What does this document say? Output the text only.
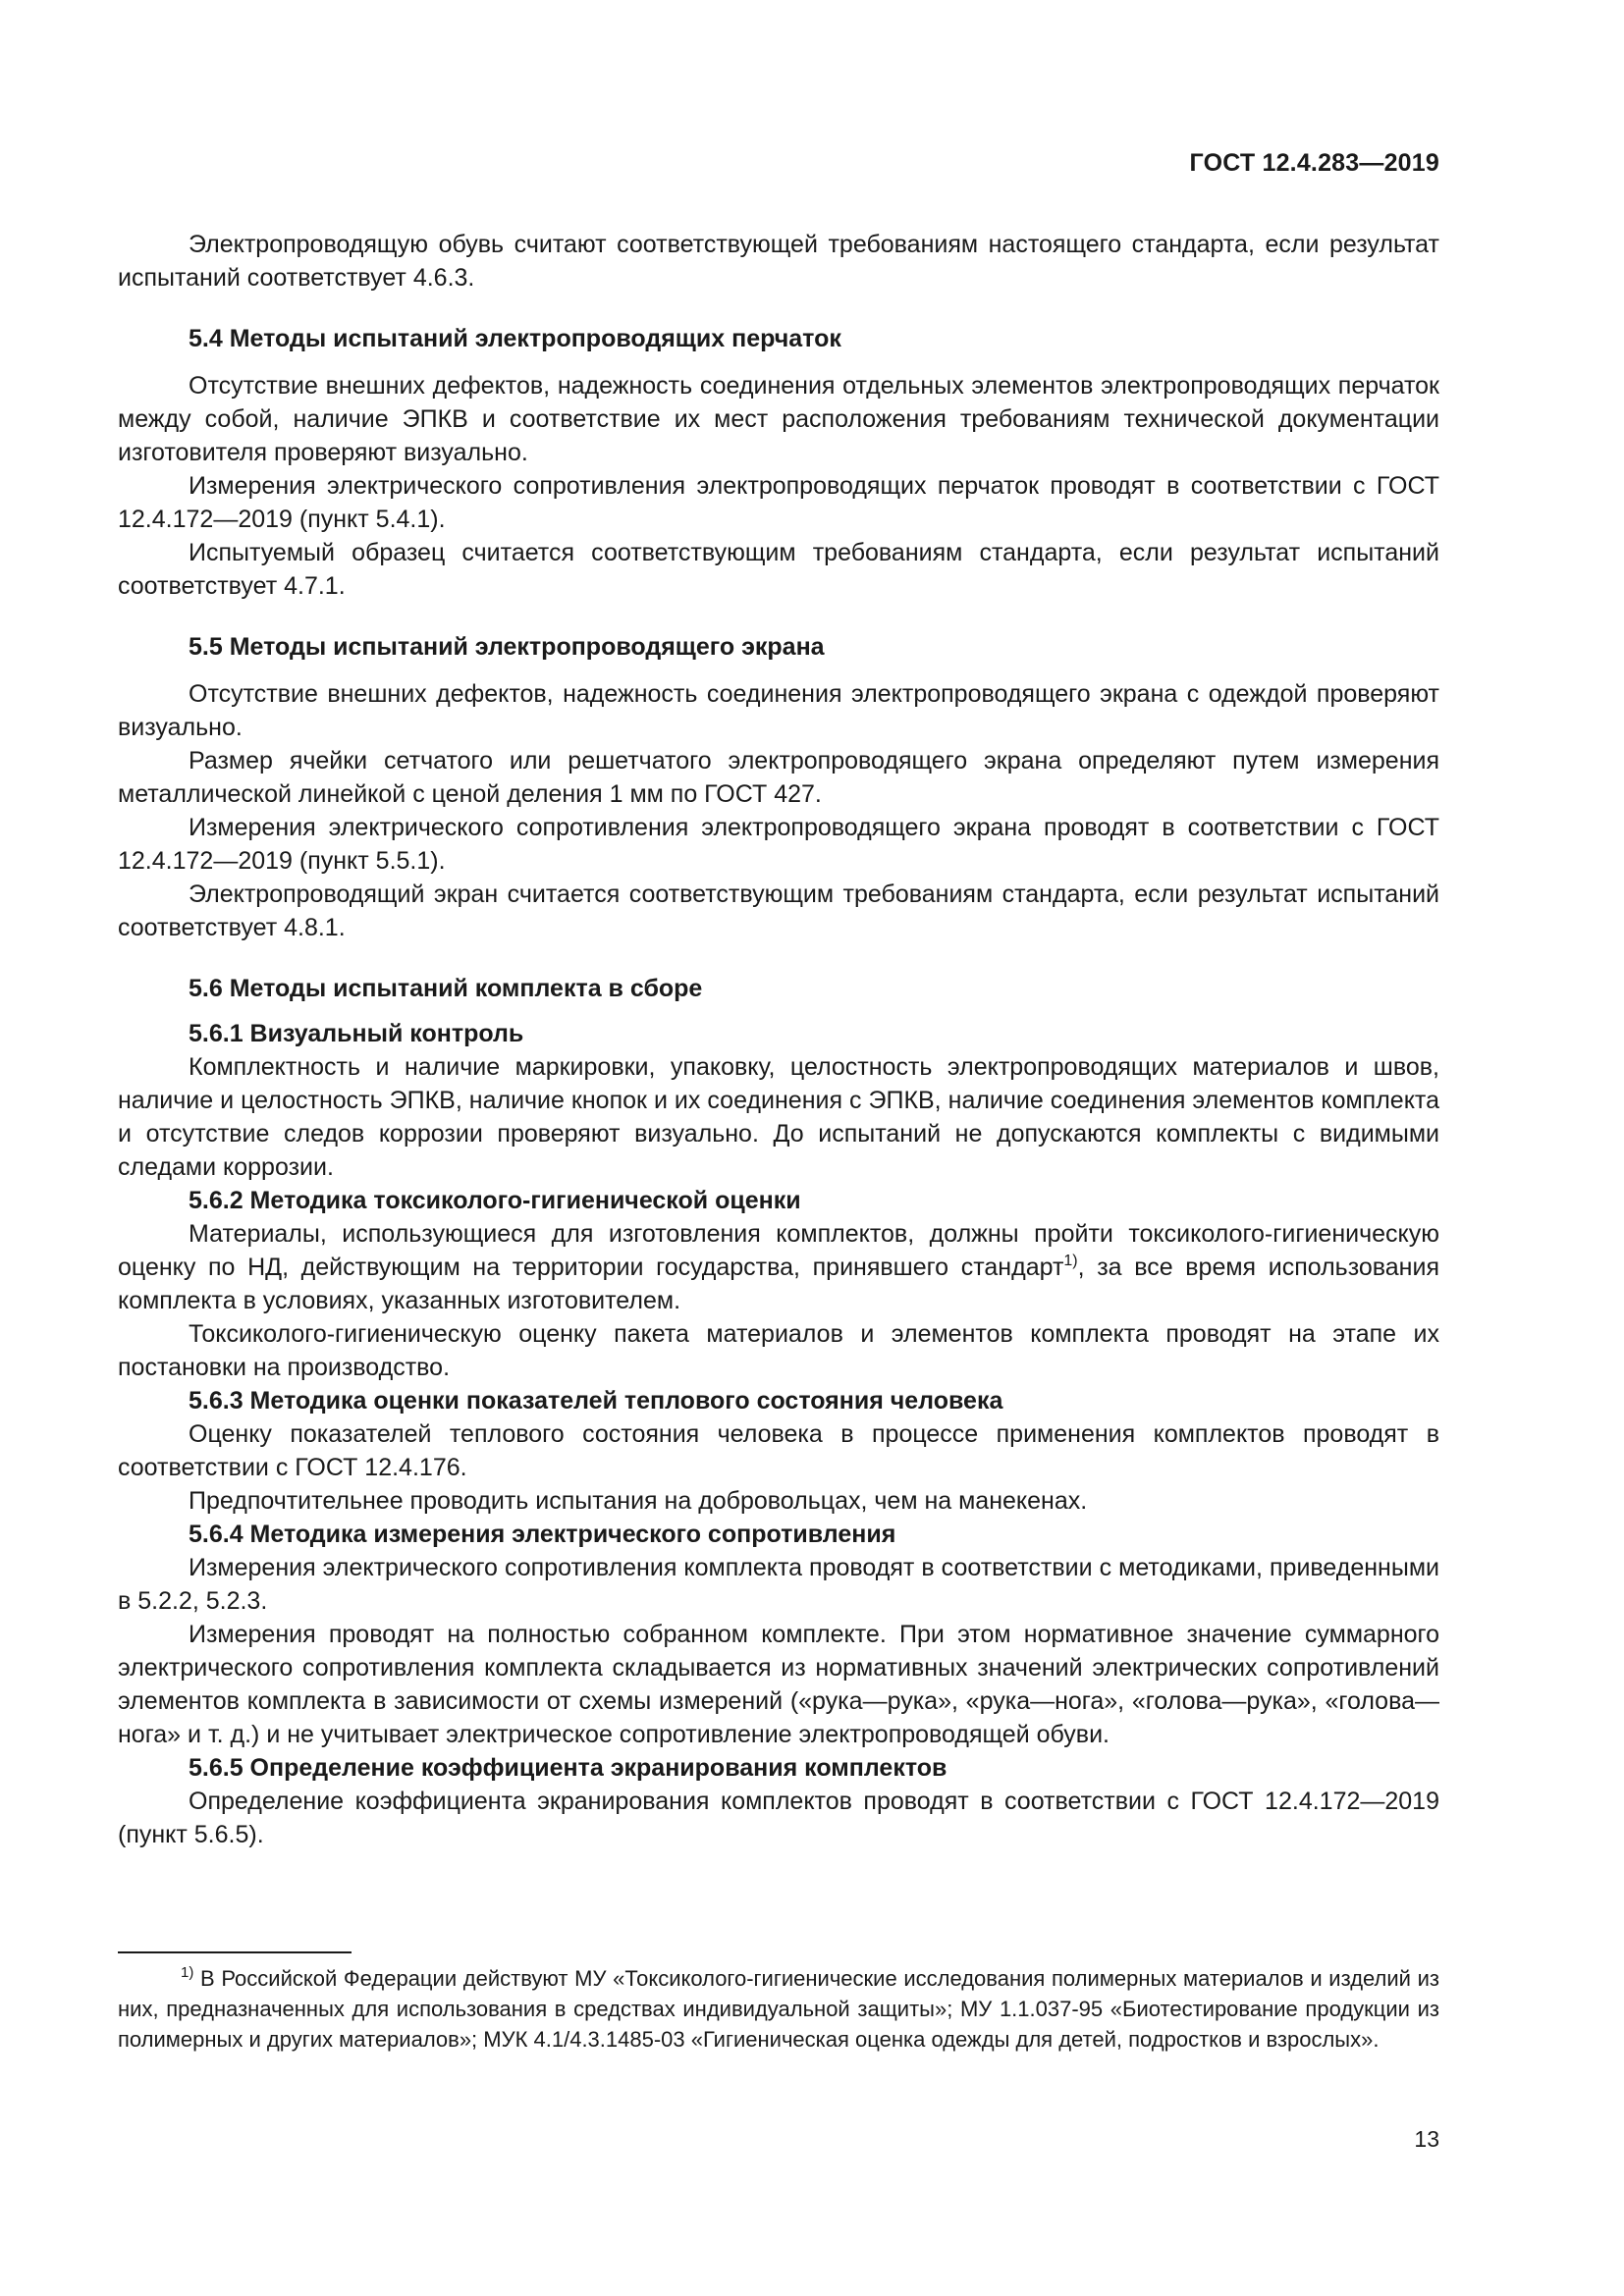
ГОСТ 12.4.283—2019

Электропроводящую обувь считают соответствующей требованиям настоящего стандарта, если результат испытаний соответствует 4.6.3.

5.4 Методы испытаний электропроводящих перчаток

Отсутствие внешних дефектов, надежность соединения отдельных элементов электропроводящих перчаток между собой, наличие ЭПКВ и соответствие их мест расположения требованиям технической документации изготовителя проверяют визуально.

Измерения электрического сопротивления электропроводящих перчаток проводят в соответствии с ГОСТ 12.4.172—2019 (пункт 5.4.1).

Испытуемый образец считается соответствующим требованиям стандарта, если результат испытаний соответствует 4.7.1.

5.5 Методы испытаний электропроводящего экрана

Отсутствие внешних дефектов, надежность соединения электропроводящего экрана с одеждой проверяют визуально.

Размер ячейки сетчатого или решетчатого электропроводящего экрана определяют путем измерения металлической линейкой с ценой деления 1 мм по ГОСТ 427.

Измерения электрического сопротивления электропроводящего экрана проводят в соответствии с ГОСТ 12.4.172—2019 (пункт 5.5.1).

Электропроводящий экран считается соответствующим требованиям стандарта, если результат испытаний соответствует 4.8.1.

5.6 Методы испытаний комплекта в сборе

5.6.1 Визуальный контроль

Комплектность и наличие маркировки, упаковку, целостность электропроводящих материалов и швов, наличие и целостность ЭПКВ, наличие кнопок и их соединения с ЭПКВ, наличие соединения элементов комплекта и отсутствие следов коррозии проверяют визуально. До испытаний не допускаются комплекты с видимыми следами коррозии.

5.6.2 Методика токсиколого-гигиенической оценки

Материалы, использующиеся для изготовления комплектов, должны пройти токсиколого-гигиеническую оценку по НД, действующим на территории государства, принявшего стандарт$^{1)}$, за все время использования комплекта в условиях, указанных изготовителем.

Токсиколого-гигиеническую оценку пакета материалов и элементов комплекта проводят на этапе их постановки на производство.

5.6.3 Методика оценки показателей теплового состояния человека

Оценку показателей теплового состояния человека в процессе применения комплектов проводят в соответствии с ГОСТ 12.4.176.

Предпочтительнее проводить испытания на добровольцах, чем на манекенах.

5.6.4 Методика измерения электрического сопротивления

Измерения электрического сопротивления комплекта проводят в соответствии с методиками, приведенными в 5.2.2, 5.2.3.

Измерения проводят на полностью собранном комплекте. При этом нормативное значение суммарного электрического сопротивления комплекта складывается из нормативных значений электрических сопротивлений элементов комплекта в зависимости от схемы измерений («рука—рука», «рука—нога», «голова—рука», «голова—нога» и т. д.) и не учитывает электрическое сопротивление электропроводящей обуви.

5.6.5 Определение коэффициента экранирования комплектов

Определение коэффициента экранирования комплектов проводят в соответствии с ГОСТ 12.4.172—2019 (пункт 5.6.5).

$^{1)}$ В Российской Федерации действуют МУ «Токсиколого-гигиенические исследования полимерных материалов и изделий из них, предназначенных для использования в средствах индивидуальной защиты»; МУ 1.1.037-95 «Биотестирование продукции из полимерных и других материалов»; МУК 4.1/4.3.1485-03 «Гигиеническая оценка одежды для детей, подростков и взрослых».

13
